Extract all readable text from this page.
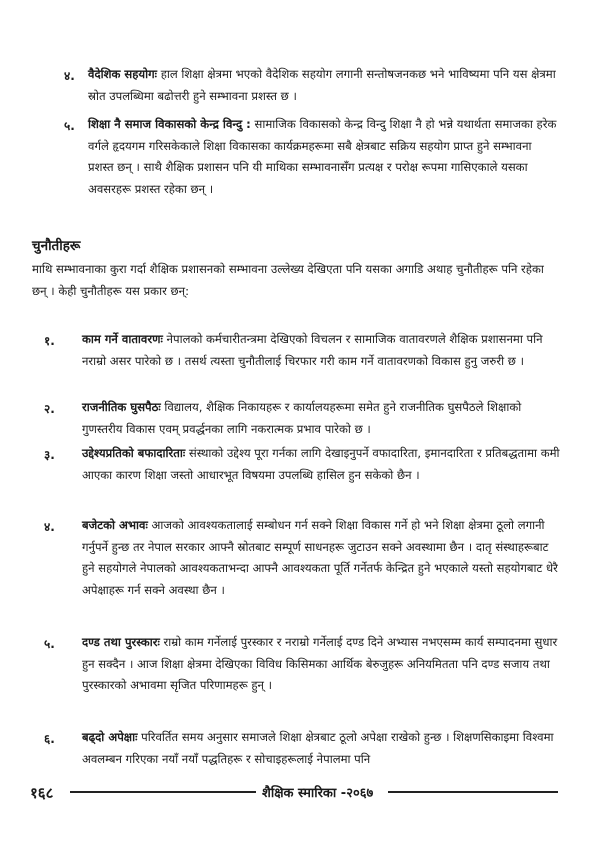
४. वैदेशिक सहयोगः हाल शिक्षा क्षेत्रमा भएको वैदेशिक सहयोग लगानी सन्तोषजनकछ भने भाविष्यमा पनि यस क्षेत्रमा स्रोत उपलब्धिमा बढोत्तरी हुने सम्भावना प्रशस्त छ ।
५. शिक्षा नै समाज विकासको केन्द्र विन्दु : सामाजिक विकासको केन्द्र विन्दु शिक्षा नै हो भन्ने यथार्थता समाजका हरेक वर्गले हृदयगम गरिसकेकाले शिक्षा विकासका कार्यक्रमहरूमा सबै क्षेत्रबाट सक्रिय सहयोग प्राप्त हुने सम्भावना प्रशस्त छन् । साथै शैक्षिक प्रशासन पनि यी माथिका सम्भावनासँग प्रत्यक्ष र परोक्ष रूपमा गासिएकाले यसका अवसरहरू प्रशस्त रहेका छन् ।
चुनौतीहरू
माथि सम्भावनाका कुरा गर्दा शैक्षिक प्रशासनको सम्भावना उल्लेख्य देखिएता पनि यसका अगाडि अथाह चुनौतीहरू पनि रहेका छन् । केही चुनौतीहरू यस प्रकार छन्:
१. काम गर्ने वातावरणः नेपालको कर्मचारीतन्त्रमा देखिएको विचलन र सामाजिक वातावरणले शैक्षिक प्रशासनमा पनि नराम्रो असर पारेको छ । तसर्थ त्यस्ता चुनौतीलाई चिरफार गरी काम गर्ने वातावरणको विकास हुनु जरुरी छ ।
२. राजनीतिक घुसपैठः विद्यालय, शैक्षिक निकायहरू र कार्यालयहरूमा समेत हुने राजनीतिक घुसपैठले शिक्षाको गुणस्तरीय विकास एवम् प्रवर्द्धनका लागि नकरात्मक प्रभाव पारेको छ ।
३. उद्देश्यप्रतिको बफादारिताः संस्थाको उद्देश्य पूरा गर्नका लागि देखाइनुपर्ने वफादारिता, इमानदारिता र प्रतिबद्धतामा कमी आएका कारण शिक्षा जस्तो आधारभूत विषयमा उपलब्धि हासिल हुन सकेको छैन ।
४. बजेटको अभावः आजको आवश्यकतालाई सम्बोधन गर्न सक्ने शिक्षा विकास गर्ने हो भने शिक्षा क्षेत्रमा ठूलो लगानी गर्नुपर्ने हुन्छ तर नेपाल सरकार आफ्नै स्रोतबाट सम्पूर्ण साधनहरू जुटाउन सक्ने अवस्थामा छैन । दातृ संस्थाहरूबाट हुने सहयोगले नेपालको आवश्यकताभन्दा आफ्नै आवश्यकता पूर्ति गर्नेतर्फ केन्द्रित हुने भएकाले यस्तो सहयोगबाट धेरै अपेक्षाहरू गर्न सक्ने अवस्था छैन ।
५. दण्ड तथा पुरस्कारः राम्रो काम गर्नेलाई पुरस्कार र नराम्रो गर्नेलाई दण्ड दिने अभ्यास नभएसम्म कार्य सम्पादनमा सुधार हुन सक्दैन । आज शिक्षा क्षेत्रमा देखिएका विविध किसिमका आर्थिक बेरुजुहरू अनियमितता पनि दण्ड सजाय तथा पुरस्कारको अभावमा सृजित परिणामहरू हुन् ।
६. बढ्दो अपेक्षाः परिवर्तित समय अनुसार समाजले शिक्षा क्षेत्रबाट ठूलो अपेक्षा राखेको हुन्छ । शिक्षणसिकाइमा विश्वमा अवलम्बन गरिएका नयाँ नयाँ पद्धतिहरू र सोचाइहरूलाई नेपालमा पनि
१६८	शैक्षिक स्मारिका -२०६७
